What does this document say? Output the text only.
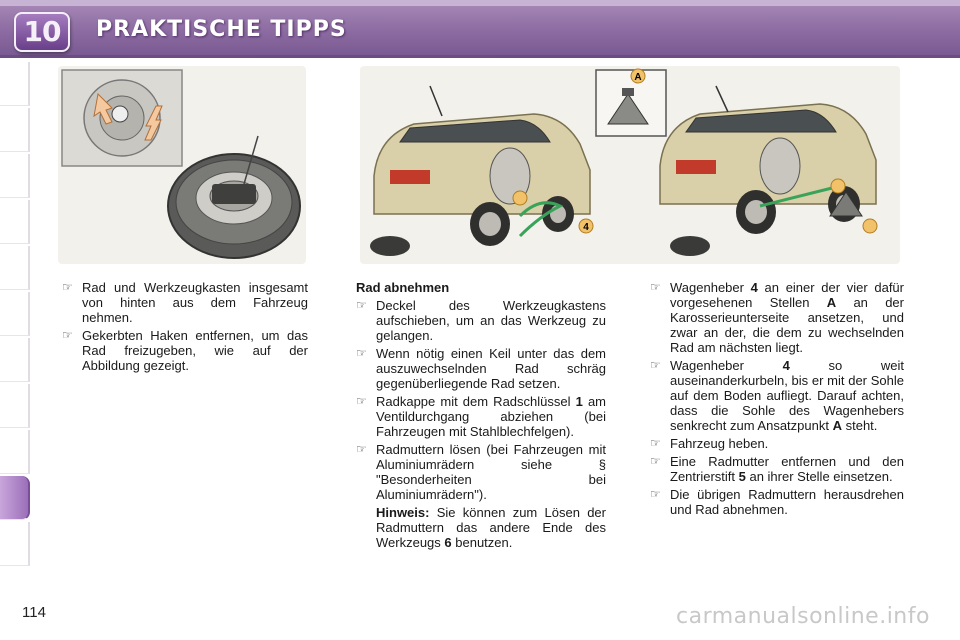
10	PRAKTISCHE TIPPS
A
4
☞ Rad und Werkzeugkasten insgesamt von hinten aus dem Fahrzeug nehmen.
☞ Gekerbten Haken entfernen, um das Rad freizugeben, wie auf der Abbildung gezeigt.
Rad abnehmen
☞ Deckel des Werkzeugkastens aufschieben, um an das Werkzeug zu gelangen.
☞ Wenn nötig einen Keil unter das dem auszuwechselnden Rad schräg gegenüberliegende Rad setzen.
☞ Radkappe mit dem Radschlüssel 1 am Ventildurchgang abziehen (bei Fahrzeugen mit Stahlblechfelgen).
☞ Radmuttern lösen (bei Fahrzeugen mit Aluminiumrädern siehe § "Besonderheiten bei Aluminiumrädern").
Hinweis: Sie können zum Lösen der Radmuttern das andere Ende des Werkzeugs 6 benutzen.
☞ Wagenheber 4 an einer der vier dafür vorgesehenen Stellen A an der Karosserieunterseite ansetzen, und zwar an der, die dem zu wechselnden Rad am nächsten liegt.
☞ Wagenheber 4 so weit auseinanderkurbeln, bis er mit der Sohle auf dem Boden aufliegt. Darauf achten, dass die Sohle des Wagenhebers senkrecht zum Ansatzpunkt A steht.
☞ Fahrzeug heben.
☞ Eine Radmutter entfernen und den Zentrierstift 5 an ihrer Stelle einsetzen.
☞ Die übrigen Radmuttern herausdrehen und Rad abnehmen.
114	carmanualsonline.info
